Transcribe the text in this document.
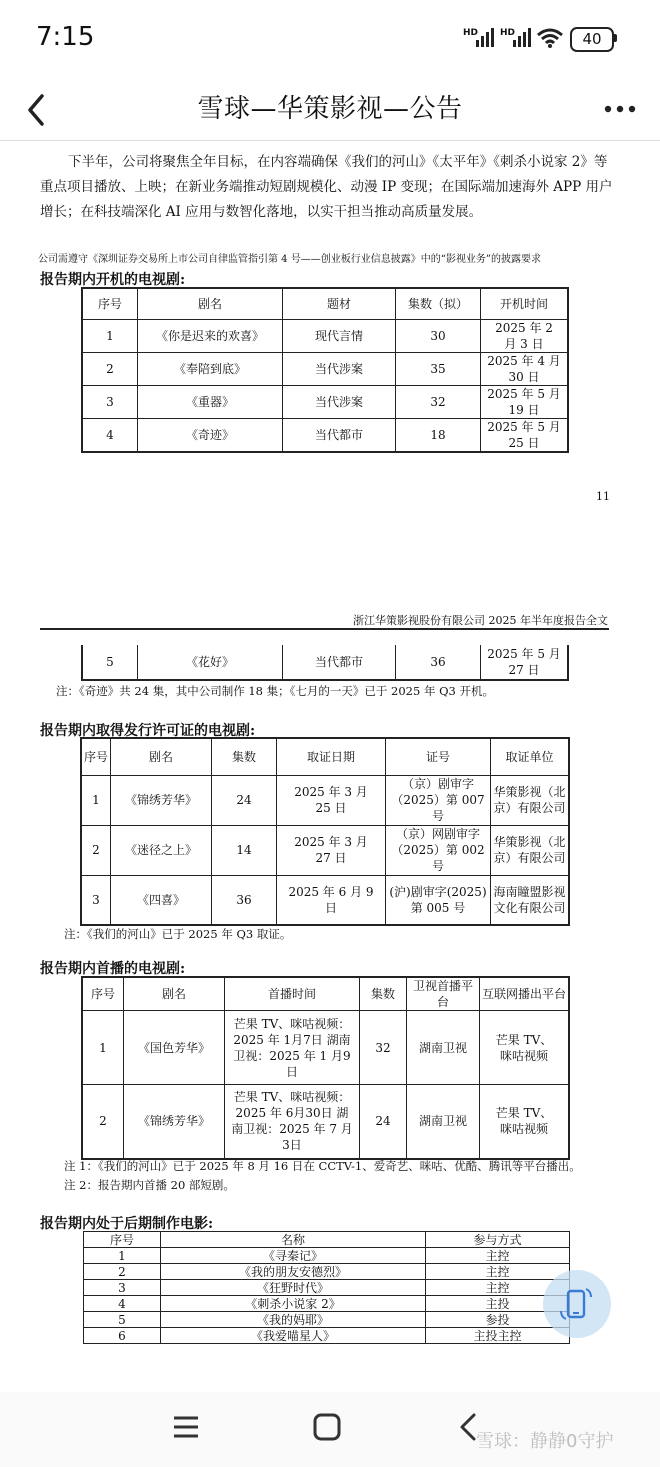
7:15	HD HD	40
雪球—华策影视—公告
下半年，公司将聚焦全年目标，在内容端确保《我们的河山》《太平年》《刺杀小说家 2》等重点项目播放、上映；在新业务端推动短剧规模化、动漫 IP 变现；在国际端加速海外 APP 用户增长；在科技端深化 AI 应用与数智化落地，以实干担当推动高质量发展。
公司需遵守《深圳证券交易所上市公司自律监管指引第 4 号——创业板行业信息披露》中的“影视业务”的披露要求
报告期内开机的电视剧:
序号	剧名	题材	集数（拟）	开机时间
1	《你是迟来的欢喜》	现代言情	30	2025 年 2 月 3 日
2	《奉陪到底》	当代涉案	35	2025 年 4 月 30 日
3	《重器》	当代涉案	32	2025 年 5 月 19 日
4	《奇迹》	当代都市	18	2025 年 5 月 25 日
11
浙江华策影视股份有限公司 2025 年半年度报告全文
5	《花好》	当代都市	36	2025 年 5 月 27 日
注：《奇迹》共 24 集，其中公司制作 18 集；《七月的一天》已于 2025 年 Q3 开机。
报告期内取得发行许可证的电视剧:
序号	剧名	集数	取证日期	证号	取证单位
1	《锦绣芳华》	24	2025 年 3 月 25 日	（京）剧审字（2025）第 007 号	华策影视（北京）有限公司
2	《迷径之上》	14	2025 年 3 月 27 日	（京）网剧审字（2025）第 002 号	华策影视（北京）有限公司
3	《四喜》	36	2025 年 6 月 9 日	(沪)剧审字(2025)第 005 号	海南瞳盟影视文化有限公司
注：《我们的河山》已于 2025 年 Q3 取证。
报告期内首播的电视剧:
序号	剧名	首播时间	集数	卫视首播平台	互联网播出平台
1	《国色芳华》	芒果 TV、咪咕视频：2025 年 1月7日 湖南卫视：2025 年 1 月9日	32	湖南卫视	芒果 TV、咪咕视频
2	《锦绣芳华》	芒果 TV、咪咕视频：2025 年 6月30日 湖南卫视：2025 年 7 月3日	24	湖南卫视	芒果 TV、咪咕视频
注 1：《我们的河山》已于 2025 年 8 月 16 日在 CCTV-1、爱奇艺、咪咕、优酷、腾讯等平台播出。
注 2：报告期内首播 20 部短剧。
报告期内处于后期制作电影:
序号	名称	参与方式
1	《寻秦记》	主控
2	《我的朋友安德烈》	主控
3	《狂野时代》	主控
4	《刺杀小说家 2》	主投
5	《我的妈耶》	参投
6	《我爱喵星人》	主投主控
雪球：静静0守护
